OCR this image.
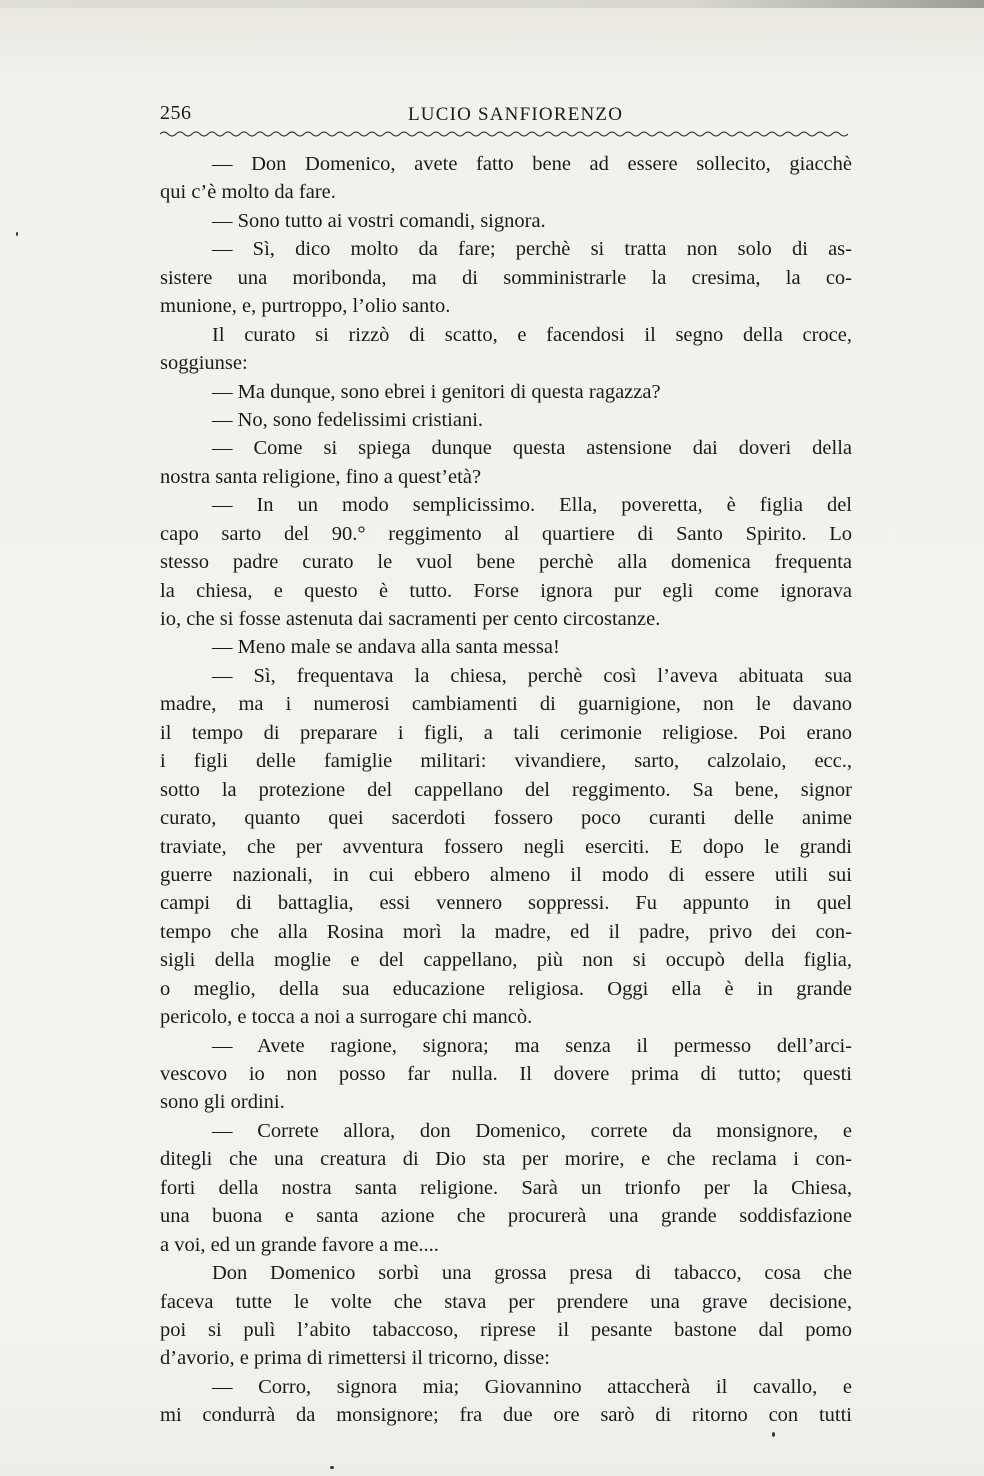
256	LUCIO SANFIORENZO
— Don Domenico, avete fatto bene ad essere sollecito, giacchè
qui c’è molto da fare.
— Sono tutto ai vostri comandi, signora.
— Sì, dico molto da fare; perchè si tratta non solo di as-
sistere una moribonda, ma di somministrarle la cresima, la co-
munione, e, purtroppo, l’olio santo.
Il curato si rizzò di scatto, e facendosi il segno della croce,
soggiunse:
— Ma dunque, sono ebrei i genitori di questa ragazza?
— No, sono fedelissimi cristiani.
— Come si spiega dunque questa astensione dai doveri della
nostra santa religione, fino a quest’età?
— In un modo semplicissimo. Ella, poveretta, è figlia del
capo sarto del 90.° reggimento al quartiere di Santo Spirito. Lo
stesso padre curato le vuol bene perchè alla domenica frequenta
la chiesa, e questo è tutto. Forse ignora pur egli come ignorava
io, che si fosse astenuta dai sacramenti per cento circostanze.
— Meno male se andava alla santa messa!
— Sì, frequentava la chiesa, perchè così l’aveva abituata sua
madre, ma i numerosi cambiamenti di guarnigione, non le davano
il tempo di preparare i figli, a tali cerimonie religiose. Poi erano
i figli delle famiglie militari: vivandiere, sarto, calzolaio, ecc.,
sotto la protezione del cappellano del reggimento. Sa bene, signor
curato, quanto quei sacerdoti fossero poco curanti delle anime
traviate, che per avventura fossero negli eserciti. E dopo le grandi
guerre nazionali, in cui ebbero almeno il modo di essere utili sui
campi di battaglia, essi vennero soppressi. Fu appunto in quel
tempo che alla Rosina morì la madre, ed il padre, privo dei con-
sigli della moglie e del cappellano, più non si occupò della figlia,
o meglio, della sua educazione religiosa. Oggi ella è in grande
pericolo, e tocca a noi a surrogare chi mancò.
— Avete ragione, signora; ma senza il permesso dell’arci-
vescovo io non posso far nulla. Il dovere prima di tutto; questi
sono gli ordini.
— Correte allora, don Domenico, correte da monsignore, e
ditegli che una creatura di Dio sta per morire, e che reclama i con-
forti della nostra santa religione. Sarà un trionfo per la Chiesa,
una buona e santa azione che procurerà una grande soddisfazione
a voi, ed un grande favore a me....
Don Domenico sorbì una grossa presa di tabacco, cosa che
faceva tutte le volte che stava per prendere una grave decisione,
poi si pulì l’abito tabaccoso, riprese il pesante bastone dal pomo
d’avorio, e prima di rimettersi il tricorno, disse:
— Corro, signora mia; Giovannino attaccherà il cavallo, e
mi condurrà da monsignore; fra due ore sarò di ritorno con tutti
